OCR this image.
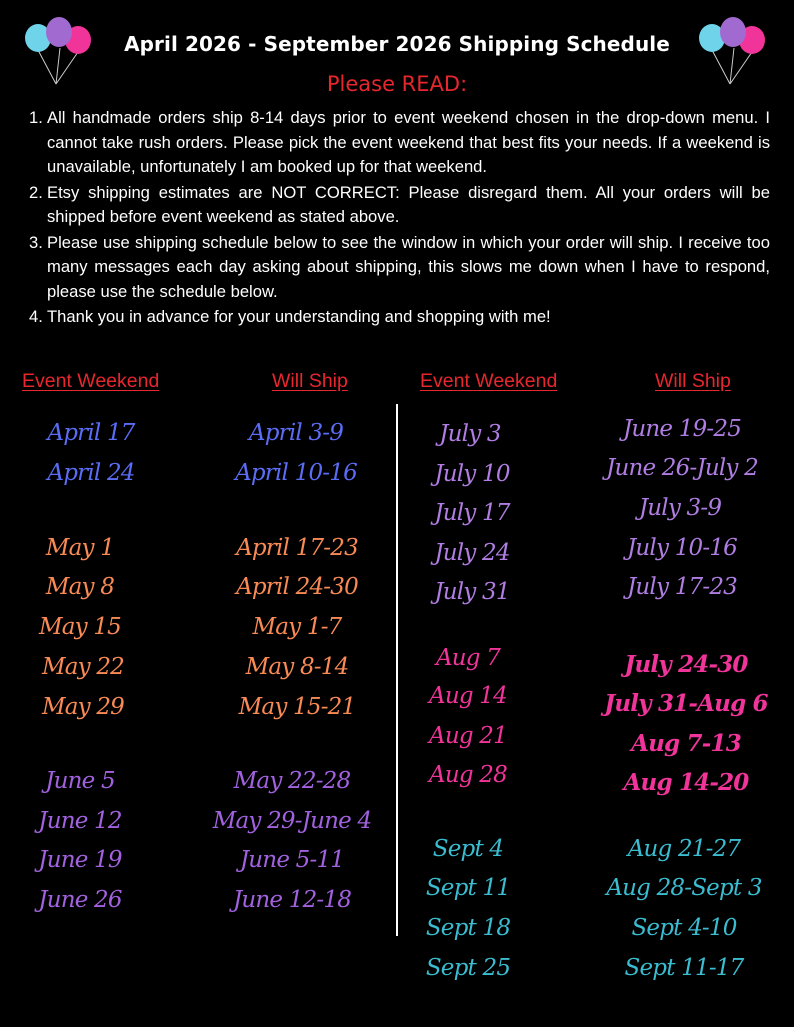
April 2026 - September 2026 Shipping Schedule
Please READ:
1. All handmade orders ship 8-14 days prior to event weekend chosen in the drop-down menu. I cannot take rush orders. Please pick the event weekend that best fits your needs. If a weekend is unavailable, unfortunately I am booked up for that weekend.
2. Etsy shipping estimates are NOT CORRECT: Please disregard them. All your orders will be shipped before event weekend as stated above.
3. Please use shipping schedule below to see the window in which your order will ship. I receive too many messages each day asking about shipping, this slows me down when I have to respond, please use the schedule below.
4. Thank you in advance for your understanding and shopping with me!
Event Weekend	Will Ship	Event Weekend	Will Ship
April 17	April 3-9
April 24	April 10-16
May 1	April 17-23
May 8	April 24-30
May 15	May 1-7
May 22	May 8-14
May 29	May 15-21
June 5	May 22-28
June 12	May 29-June 4
June 19	June 5-11
June 26	June 12-18
July 3	June 19-25
July 10	June 26-July 2
July 17	July 3-9
July 24	July 10-16
July 31	July 17-23
Aug 7	July 24-30
Aug 14	July 31-Aug 6
Aug 21	Aug 7-13
Aug 28	Aug 14-20
Sept 4	Aug 21-27
Sept 11	Aug 28-Sept 3
Sept 18	Sept 4-10
Sept 25	Sept 11-17
